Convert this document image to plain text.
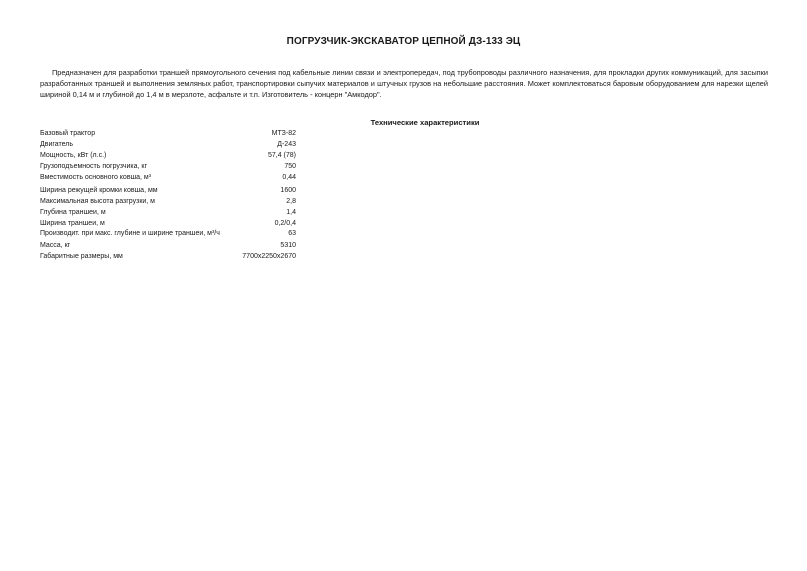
ПОГРУЗЧИК-ЭКСКАВАТОР ЦЕПНОЙ ДЗ-133 ЭЦ

Предназначен для разработки траншей прямоугольного сечения под кабельные линии связи и электропередач, под трубопроводы различного назначения, для прокладки других коммуникаций, для засыпки разработанных траншей и выполнения земляных работ, транспортировки сыпучих материалов и штучных грузов на небольшие расстояния. Может комплектоваться баровым оборудованием для нарезки щелей шириной 0,14 м и глубиной до 1,4 м в мерзлоте, асфальте и т.п. Изготовитель - концерн "Амкодор".

Технические характеристики
Базовый трактор	МТЗ-82
Двигатель	Д-243
Мощность, кВт (л.с.)	57,4 (78)
Грузоподъемность погрузчика, кг	750
Вместимость основного ковша, м³	0,44
Ширина режущей кромки ковша, мм	1600
Максимальная высота разгрузки, м	2,8
Глубина траншеи, м	1,4
Ширина траншеи, м	0,2/0,4
Производит. при макс. глубине и ширине траншеи, м³/ч	63
Масса, кг	5310
Габаритные размеры, мм	7700х2250х2670
